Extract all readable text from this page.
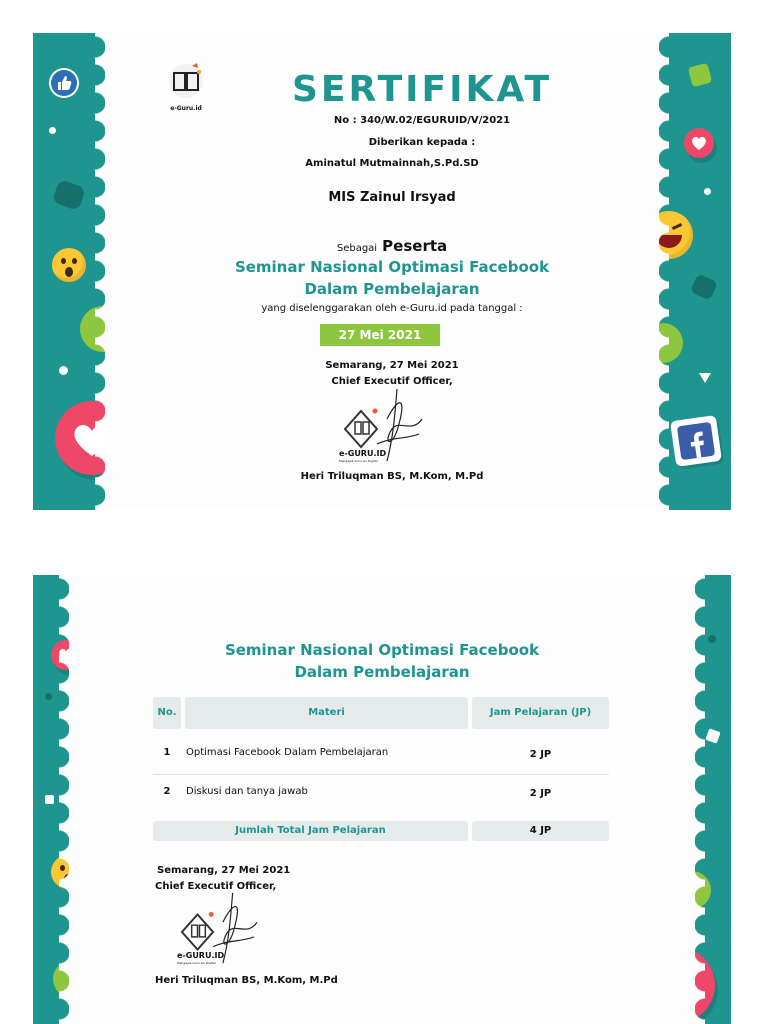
e-Guru.id	SERTIFIKAT
No : 340/W.02/EGURUID/V/2021
Diberikan kepada :
Aminatul Mutmainnah,S.Pd.SD
MIS Zainul Irsyad
Sebagai Peserta
Seminar Nasional Optimasi Facebook
Dalam Pembelajaran
yang diselenggarakan oleh e-Guru.id pada tanggal :
27 Mei 2021
Semarang, 27 Mei 2021
Chief Executif Officer,
e-GURU.ID
Mengajak Guru Go Digital
Heri Triluqman BS, M.Kom, M.Pd
Seminar Nasional Optimasi Facebook
Dalam Pembelajaran
No.	Materi	Jam Pelajaran (JP)
1	Optimasi Facebook Dalam Pembelajaran	2 JP
2	Diskusi dan tanya jawab	2 JP
Jumlah Total Jam Pelajaran	4 JP
Semarang, 27 Mei 2021
Chief Executif Officer,
e-GURU.ID
Mengajak Guru Go Digital
Heri Triluqman BS, M.Kom, M.Pd
